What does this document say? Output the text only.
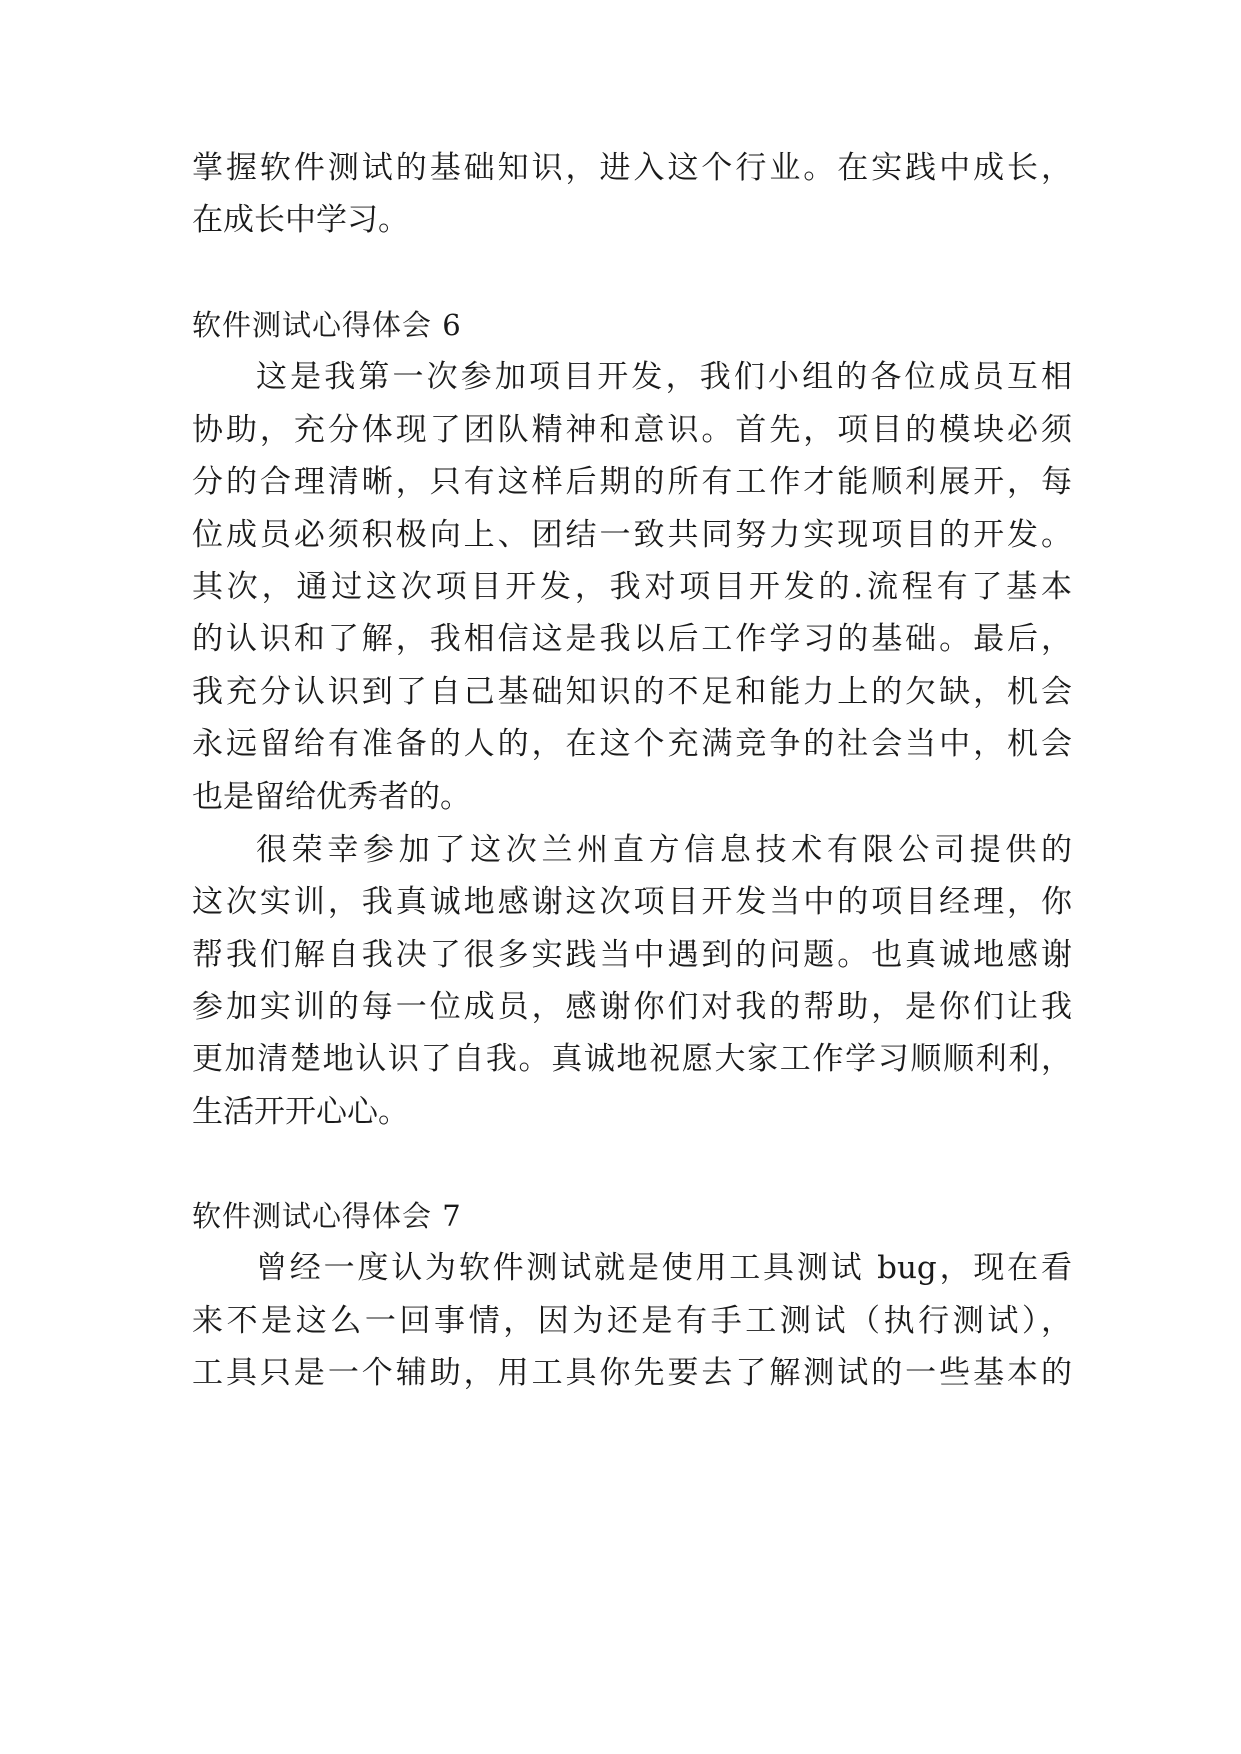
掌握软件测试的基础知识，进入这个行业。在实践中成长，
在成长中学习。
软件测试心得体会 6
这是我第一次参加项目开发，我们小组的各位成员互相
协助，充分体现了团队精神和意识。首先，项目的模块必须
分的合理清晰，只有这样后期的所有工作才能顺利展开，每
位成员必须积极向上、团结一致共同努力实现项目的开发。
其次，通过这次项目开发，我对项目开发的.流程有了基本
的认识和了解，我相信这是我以后工作学习的基础。最后，
我充分认识到了自己基础知识的不足和能力上的欠缺，机会
永远留给有准备的人的，在这个充满竞争的社会当中，机会
也是留给优秀者的。
很荣幸参加了这次兰州直方信息技术有限公司提供的
这次实训，我真诚地感谢这次项目开发当中的项目经理，你
帮我们解自我决了很多实践当中遇到的问题。也真诚地感谢
参加实训的每一位成员，感谢你们对我的帮助，是你们让我
更加清楚地认识了自我。真诚地祝愿大家工作学习顺顺利利，
生活开开心心。
软件测试心得体会 7
曾经一度认为软件测试就是使用工具测试 bug，现在看
来不是这么一回事情，因为还是有手工测试（执行测试），
工具只是一个辅助，用工具你先要去了解测试的一些基本的
